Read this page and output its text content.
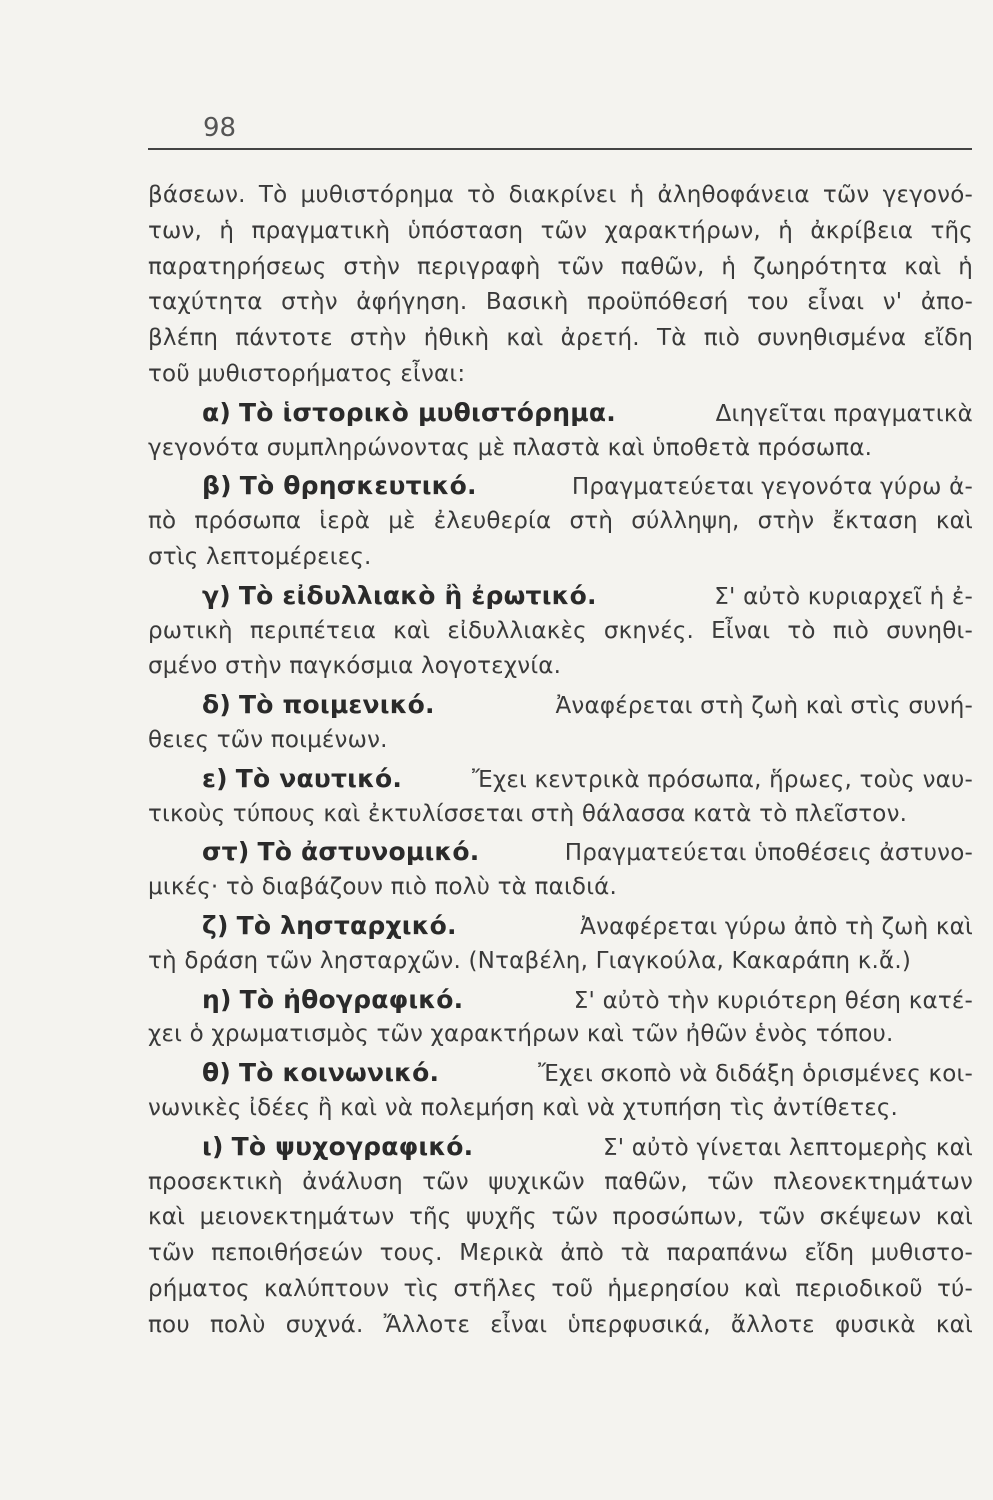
98
βάσεων. Τὸ μυθιστόρημα τὸ διακρίνει ἡ ἀληθοφάνεια τῶν γεγονό-
των, ἡ πραγματικὴ ὑπόσταση τῶν χαρακτήρων, ἡ ἀκρίβεια τῆς
παρατηρήσεως στὴν περιγραφὴ τῶν παθῶν, ἡ ζωηρότητα καὶ ἡ
ταχύτητα στὴν ἀφήγηση. Βασικὴ προϋπόθεσή του εἶναι ν' ἀπο-
βλέπη πάντοτε στὴν ἠθικὴ καὶ ἀρετή. Τὰ πιὸ συνηθισμένα εἴδη
τοῦ μυθιστορήματος εἶναι:
α) Τὸ ἱστορικὸ μυθιστόρημα.	Διηγεῖται πραγματικὰ
γεγονότα συμπληρώνοντας μὲ πλαστὰ καὶ ὑποθετὰ πρόσωπα.
β) Τὸ θρησκευτικό.	Πραγματεύεται γεγονότα γύρω ἀ-
πὸ πρόσωπα ἱερὰ μὲ ἐλευθερία στὴ σύλληψη, στὴν ἔκταση καὶ
στὶς λεπτομέρειες.
γ) Τὸ εἰδυλλιακὸ ἢ ἐρωτικό.	Σ' αὐτὸ κυριαρχεῖ ἡ ἐ-
ρωτικὴ περιπέτεια καὶ εἰδυλλιακὲς σκηνές. Εἶναι τὸ πιὸ συνηθι-
σμένο στὴν παγκόσμια λογοτεχνία.
δ) Τὸ ποιμενικό.	Ἀναφέρεται στὴ ζωὴ καὶ στὶς συνή-
θειες τῶν ποιμένων.
ε) Τὸ ναυτικό.	Ἔχει κεντρικὰ πρόσωπα, ἥρωες, τοὺς ναυ-
τικοὺς τύπους καὶ ἐκτυλίσσεται στὴ θάλασσα κατὰ τὸ πλεῖστον.
στ) Τὸ ἀστυνομικό.	Πραγματεύεται ὑποθέσεις ἀστυνο-
μικές· τὸ διαβάζουν πιὸ πολὺ τὰ παιδιά.
ζ) Τὸ λησταρχικό.	Ἀναφέρεται γύρω ἀπὸ τὴ ζωὴ καὶ
τὴ δράση τῶν λησταρχῶν. (Νταβέλη, Γιαγκούλα, Κακαράπη κ.ἄ.)
η) Τὸ ἠθογραφικό.	Σ' αὐτὸ τὴν κυριότερη θέση κατέ-
χει ὁ χρωματισμὸς τῶν χαρακτήρων καὶ τῶν ἠθῶν ἑνὸς τόπου.
θ) Τὸ κοινωνικό.	Ἔχει σκοπὸ νὰ διδάξη ὁρισμένες κοι-
νωνικὲς ἰδέες ἢ καὶ νὰ πολεμήση καὶ νὰ χτυπήση τὶς ἀντίθετες.
ι) Τὸ ψυχογραφικό.	Σ' αὐτὸ γίνεται λεπτομερὴς καὶ
προσεκτικὴ ἀνάλυση τῶν ψυχικῶν παθῶν, τῶν πλεονεκτημάτων
καὶ μειονεκτημάτων τῆς ψυχῆς τῶν προσώπων, τῶν σκέψεων καὶ
τῶν πεποιθήσεών τους. Μερικὰ ἀπὸ τὰ παραπάνω εἴδη μυθιστο-
ρήματος καλύπτουν τὶς στῆλες τοῦ ἡμερησίου καὶ περιοδικοῦ τύ-
που πολὺ συχνά. Ἄλλοτε εἶναι ὑπερφυσικά, ἄλλοτε φυσικὰ καὶ
